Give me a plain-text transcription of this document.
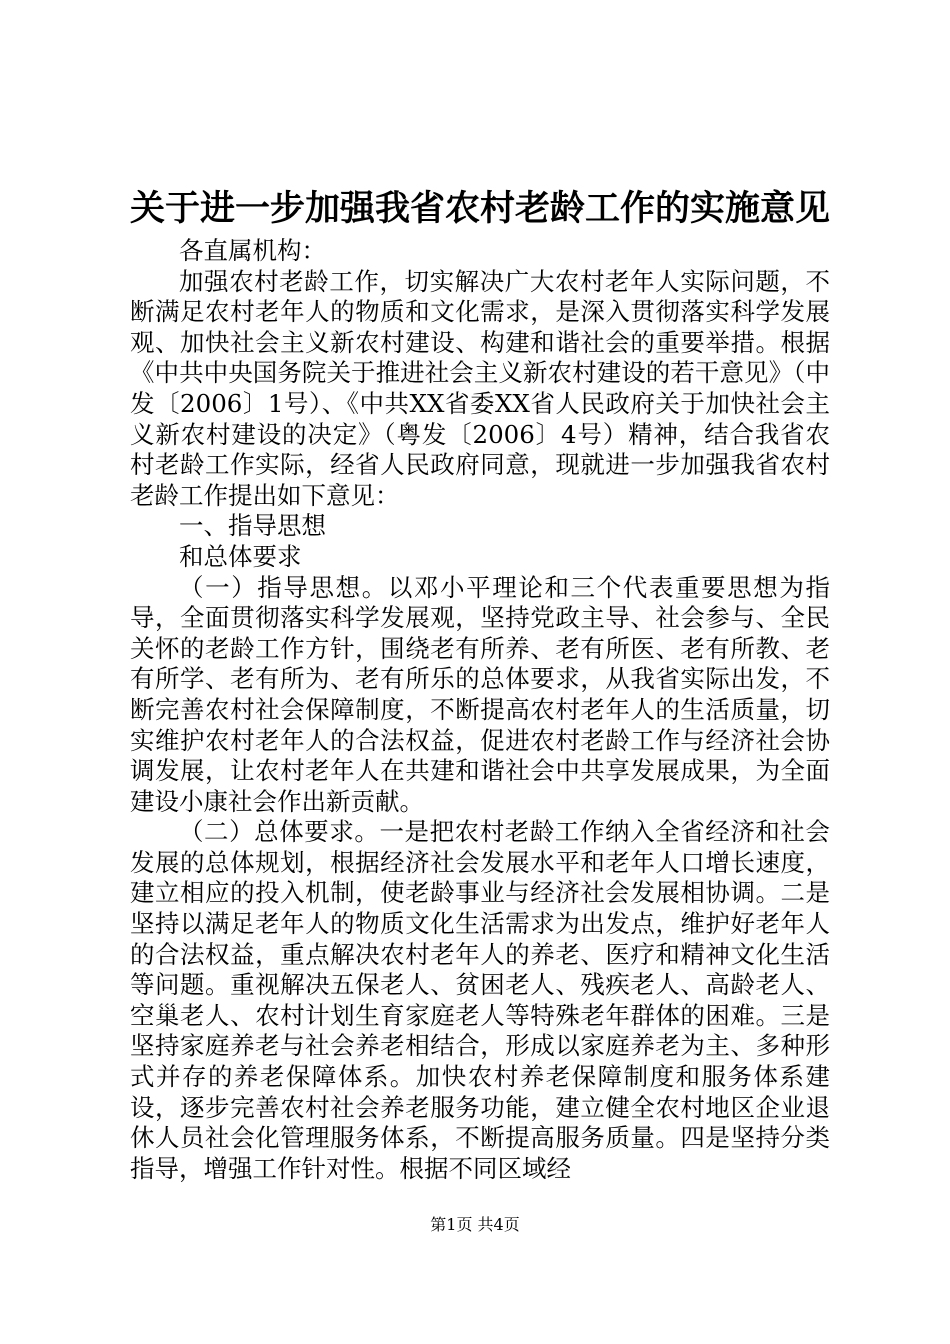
关于进一步加强我省农村老龄工作的实施意见

各直属机构：

加强农村老龄工作，切实解决广大农村老年人实际问题，不断满足农村老年人的物质和文化需求，是深入贯彻落实科学发展观、加快社会主义新农村建设、构建和谐社会的重要举措。根据《中共中央国务院关于推进社会主义新农村建设的若干意见》（中发〔2006〕1号）、《中共XX省委XX省人民政府关于加快社会主义新农村建设的决定》（粤发〔2006〕4号）精神，结合我省农村老龄工作实际，经省人民政府同意，现就进一步加强我省农村老龄工作提出如下意见：

一、指导思想

和总体要求

（一）指导思想。以邓小平理论和三个代表重要思想为指导，全面贯彻落实科学发展观，坚持党政主导、社会参与、全民关怀的老龄工作方针，围绕老有所养、老有所医、老有所教、老有所学、老有所为、老有所乐的总体要求，从我省实际出发，不断完善农村社会保障制度，不断提高农村老年人的生活质量，切实维护农村老年人的合法权益，促进农村老龄工作与经济社会协调发展，让农村老年人在共建和谐社会中共享发展成果，为全面建设小康社会作出新贡献。

（二）总体要求。一是把农村老龄工作纳入全省经济和社会发展的总体规划，根据经济社会发展水平和老年人口增长速度，建立相应的投入机制，使老龄事业与经济社会发展相协调。二是坚持以满足老年人的物质文化生活需求为出发点，维护好老年人的合法权益，重点解决农村老年人的养老、医疗和精神文化生活等问题。重视解决五保老人、贫困老人、残疾老人、高龄老人、空巢老人、农村计划生育家庭老人等特殊老年群体的困难。三是坚持家庭养老与社会养老相结合，形成以家庭养老为主、多种形式并存的养老保障体系。加快农村养老保障制度和服务体系建设，逐步完善农村社会养老服务功能，建立健全农村地区企业退休人员社会化管理服务体系，不断提高服务质量。四是坚持分类指导，增强工作针对性。根据不同区域经

第1页 共4页
